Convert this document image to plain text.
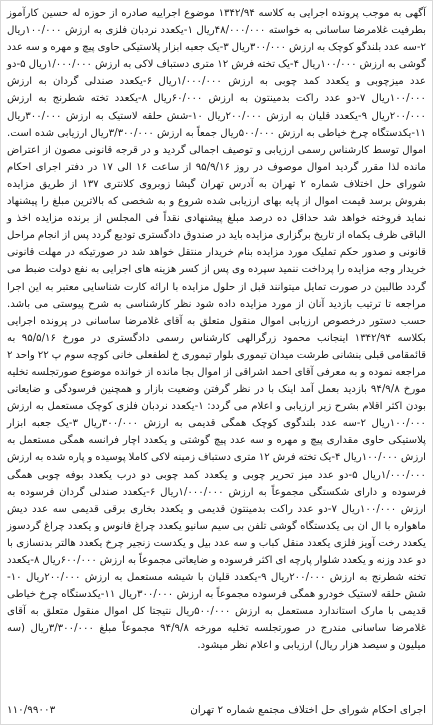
آگهی به موجب پرونده اجرایی به کلاسه ۱۳۴۲/۹۴ موضوع اجراییه صادره از حوزه له حسین کارآموز بطرفیت غلامرضا ساسانی به خواسته ۴۸/۰۰۰/۰۰۰ریال ۱-یکعدد نردبان فلزی به ارزش ۱۰۰/۰۰۰ریال ۲-سه عدد بلندگو کوچک به ارزش ۳۰۰/۰۰۰ریال ۳-یک جعبه ابزار پلاستیکی حاوی پیچ و مهره و سه عدد گوشی به ارزش ۱۰۰/۰۰۰ریال ۴-یک تخته فرش ۱۲ متری دستباف لاکی به ارزش ۱/۰۰۰/۰۰۰ریال ۵-دو عدد میزچوبی و یکعدد کمد چوبی به ارزش ۱/۰۰۰/۰۰۰ریال ۶-یکعدد صندلی گردان به ارزش ۱۰۰/۰۰۰ریال ۷-دو عدد راکت بدمینتون به ارزش ۶۰/۰۰۰ریال ۸-یکعدد تخته شطرنج به ارزش ۲۰۰/۰۰۰ریال ۹-یکعدد قلیان به ارزش ۲۰۰/۰۰۰ریال ۱۰-شش حلقه لاستیک به ارزش ۳۰۰/۰۰۰ریال ۱۱-یکدستگاه چرخ خیاطی به ارزش ۵۰۰/۰۰۰ریال جمعاً به ارزش ۳/۳۰۰/۰۰۰ریال ارزیابی شده است. اموال توسط کارشناس رسمی ارزیابی و توصیف اجمالی گردید و در قرجه قانونی مصون از اعتراض مانده لذا مقرر گردید اموال موصوف در روز ۹۵/۹/۱۶ از ساعت ۱۶ الی ۱۷ در دفتر اجرای احکام شورای حل اختلاف شماره ۲ تهران به آدرس تهران گیشا زوبروی کلانتری ۱۳۷ از طریق مزایده بفروش برسد قیمت اموال از پایه بهای ارزیابی شده شروع و به شخصی که بالاترین مبلغ را پیشنهاد نماید فروخته خواهد شد حداقل ده درصد مبلغ پیشنهادی نقداً فی المجلس از برنده مزایده اخذ و الباقی ظرف یکماه از تاریخ برگزاری مزایده باید در صندوق دادگستری تودیع گردد پس از انجام مراحل قانونی و صدور حکم تملیک مورد مزایده بنام خریدار منتقل خواهد شد در صورتیکه در مهلت قانونی خریدار وجه مزایده را پرداخت ننمید سپرده وی پس از کسر هزینه های اجرایی به نفع دولت ضبط می گردد طالبین در صورت تمایل میتوانند قبل از حلول مزایده با ارائه کارت شناسایی معتبر به این اجرا مراجعه تا ترتیب بازدید آنان از مورد مزایده داده شود نظر کارشناسی به شرح پیوستی می باشد. حسب دستور درخصوص ارزیابی اموال منقول متعلق به آقای غلامرضا ساسانی در پرونده اجرایی بکلاسه ۱۳۴۲/۹۴ اینجانب محمود زرگرالهی کارشناس رسمی دادگستری در مورخ ۹۵/۵/۱۶ به قائمقامی قبلی بنشانی طرشت میدان تیموری بلوار تیموری خ لطفعلی خانی کوچه سوم پ ۲۲ واحد ۲ مراجعه نموده و به معرفی آقای احمد اشراقی از اموال بجا مانده از خوانده موضوع صورتجلسه تخلیه مورخ ۹۴/۹/۸ بازدید بعمل آمد اینک با در نظر گرفتن وضعیت بازار و همچنین فرسودگی و ضایعاتی بودن اکثر اقلام بشرح زیر ارزیابی و اعلام می گردد: ۱-یکعدد نردبان فلزی کوچک مستعمل به ارزش ۱۰۰/۰۰۰ریال ۲-سه عدد بلندگوی کوچک همگی قدیمی به ارزش ۳۰۰/۰۰۰ریال ۳-یک جعبه ابزار پلاستیکی حاوی مقداری پیچ و مهره و سه عدد پیچ گوشتی و یکعدد اچار فرانسه همگی مستعمل به ارزش ۱۰۰/۰۰۰ریال ۴-یک تخته فرش ۱۲ متری دستباف زمینه لاکی کاملا پوسیده و پاره شده به ارزش ۱/۰۰۰/۰۰۰ریال ۵-دو عدد میز تحریر چوبی و یکعدد کمد چوبی دو درب یکعدد بوفه چوبی همگی فرسوده و دارای شکستگی مجموعاً به ارزش ۱/۰۰۰/۰۰۰ریال ۶-یکعدد صندلی گردان فرسوده به ارزش ۱۰۰/۰۰۰ریال ۷-دو عدد راکت بدمینتون قدیمی و یکعدد بخاری برقی قدیمی سه عدد دیش ماهواره با ال ان بی یکدستگاه گوشی تلفن بی سیم سانیو یکعدد چراغ فانوس و یکعدد چراغ گردسوز یکعدد رخت آویز فلزی یکعدد منقل کباب و سه عدد بیل و یکدست زنجیر چرخ یکعدد هالتر بدنسازی با دو عدد وزنه و یکعدد شلوار پارچه ای اکثر فرسوده و ضایعاتی مجموعاً به ارزش ۶۰۰/۰۰۰ریال ۸-یکعدد تخته شطرنج به ارزش ۲۰۰/۰۰۰ریال ۹-یکعدد قلیان با شیشه مستعمل به ارزش ۲۰۰/۰۰۰ریال ۱۰-شش حلقه لاستیک خودرو همگی فرسوده مجموعاً به ارزش ۳۰۰/۰۰۰ریال ۱۱-یکدستگاه چرخ خیاطی قدیمی با مارک استاندارد مستعمل به ارزش ۵۰۰/۰۰۰ریال نتیجتا کل اموال منقول متعلق به آقای غلامرضا ساسانی مندرج در صورتجلسه تخلیه مورخه ۹۴/۹/۸ مجموعاً مبلغ ۳/۳۰۰/۰۰۰ریال (سه میلیون و سیصد هزار ریال) ارزیابی و اعلام نظر میشود.

اجرای احکام شورای حل اختلاف مجتمع شماره ۲ تهران
۱۱۰/۹۹۰۰۳
